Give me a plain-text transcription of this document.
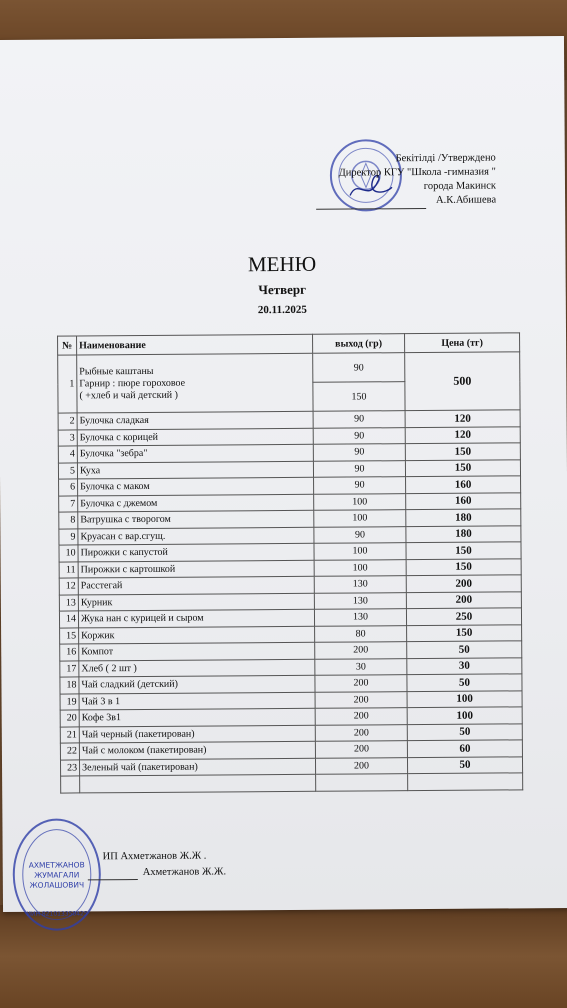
Бекітілді /Утверждено
Директор КГУ "Школа -гимназия "
города Макинск
А.К.Абишева
МЕНЮ
Четверг
20.11.2025
№	Наименование	выход (гр)	Цена (тг)
1	Рыбные каштаны
Гарнир : пюре гороховое
( +хлеб и чай детский )	90	500
		150	
2	Булочка сладкая	90	120
3	Булочка с корицей	90	120
4	Булочка "зебра"	90	150
5	Куха	90	150
6	Булочка с маком	90	160
7	Булочка с джемом	100	160
8	Ватрушка с творогом	100	180
9	Круасан с вар.сгущ.	90	180
10	Пирожки с капустой	100	150
11	Пирожки с картошкой	100	150
12	Расстегай	130	200
13	Курник	130	200
14	Жука нан с курицей и сыром	130	250
15	Коржик	80	150
16	Компот	200	50
17	Хлеб ( 2 шт )	30	30
18	Чай сладкий (детский)	200	50
19	Чай 3 в 1	200	100
20	Кофе 3в1	200	100
21	Чай черный (пакетирован)	200	50
22	Чай с молоком (пакетирован)	200	60
23	Зеленый чай (пакетирован)	200	50

АХМЕТЖАНОВ
ЖУМАГАЛИ
ЖОЛАШОВИЧ
ИИН 821013350425
ИП Ахметжанов Ж.Ж .
Ахметжанов Ж.Ж.
